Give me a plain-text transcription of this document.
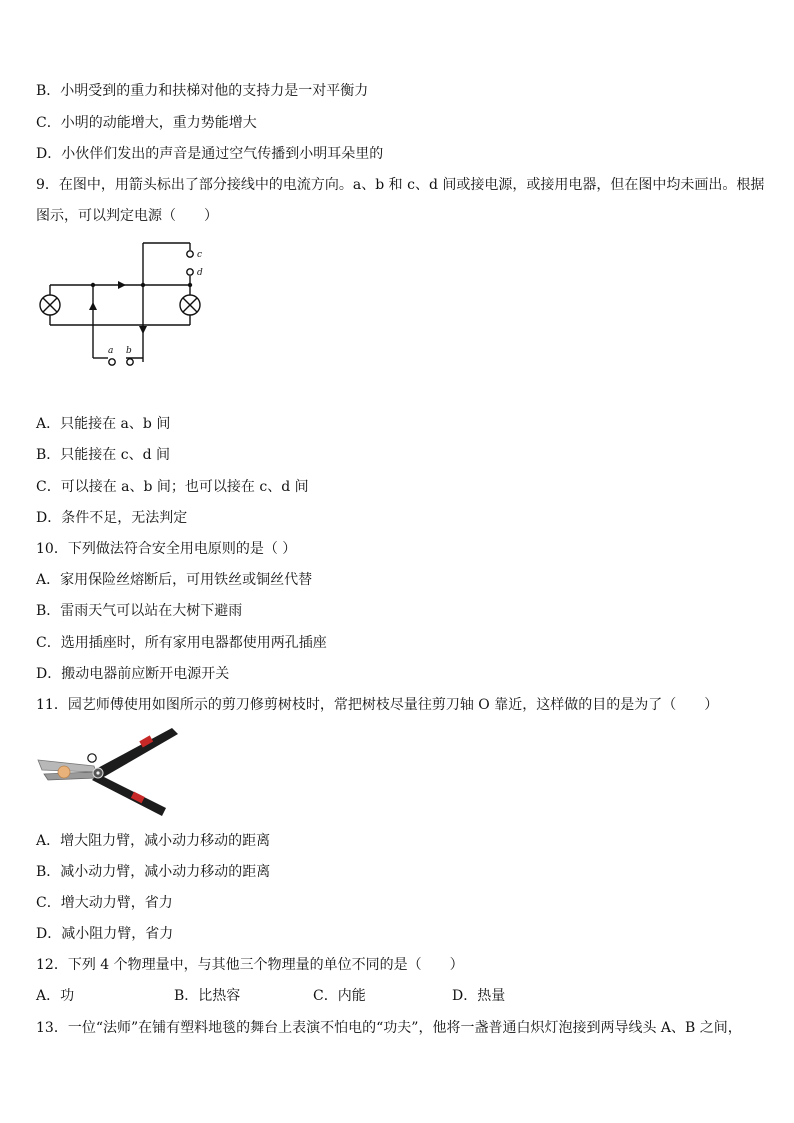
B．小明受到的重力和扶梯对他的支持力是一对平衡力
C．小明的动能增大，重力势能增大
D．小伙伴们发出的声音是通过空气传播到小明耳朵里的
9．在图中，用箭头标出了部分接线中的电流方向。a、b 和 c、d 间或接电源，或接用电器，但在图中均未画出。根据
图示，可以判定电源（　　）
c
d
a b
A．只能接在 a、b 间
B．只能接在 c、d 间
C．可以接在 a、b 间；也可以接在 c、d 间
D．条件不足，无法判定
10．下列做法符合安全用电原则的是（ ）
A．家用保险丝熔断后，可用铁丝或铜丝代替
B．雷雨天气可以站在大树下避雨
C．选用插座时，所有家用电器都使用两孔插座
D．搬动电器前应断开电源开关
11．园艺师傅使用如图所示的剪刀修剪树枝时，常把树枝尽量往剪刀轴 O 靠近，这样做的目的是为了（　　）
O
A．增大阻力臂，减小动力移动的距离
B．减小动力臂，减小动力移动的距离
C．增大动力臂，省力
D．减小阻力臂，省力
12．下列 4 个物理量中，与其他三个物理量的单位不同的是（　　）
A．功	B．比热容	C．内能	D．热量
13．一位“法师”在铺有塑料地毯的舞台上表演不怕电的“功夫”，他将一盏普通白炽灯泡接到两导线头 A、B 之间，
